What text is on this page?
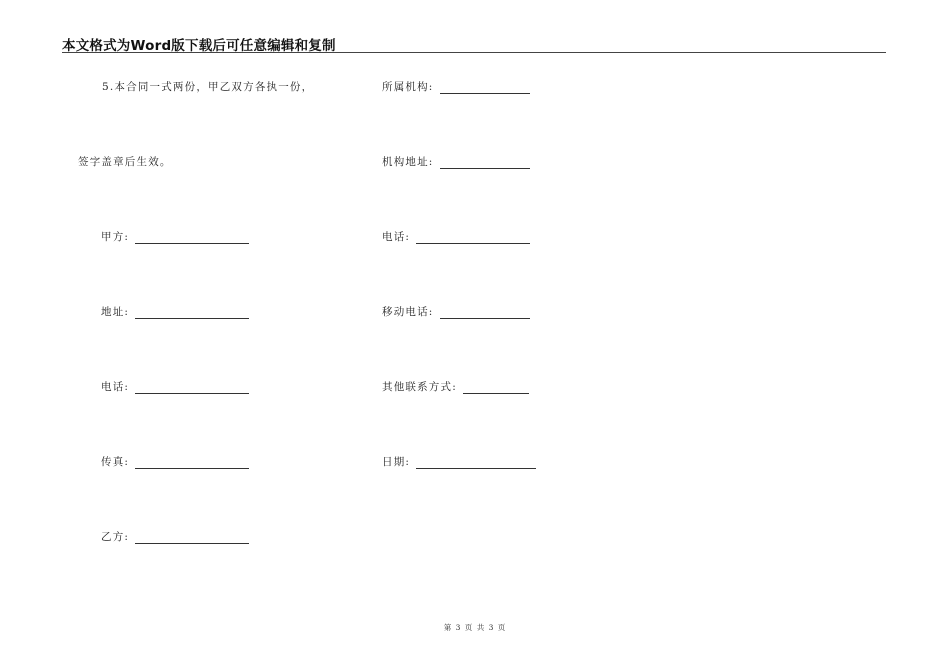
本文格式为Word版下载后可任意编辑和复制
5.本合同一式两份，甲乙双方各执一份，
签字盖章后生效。
甲方:
地址:
电话:
传真:
乙方:
所属机构:
机构地址:
电话:
移动电话:
其他联系方式:
日期:
第 3 页 共 3 页
